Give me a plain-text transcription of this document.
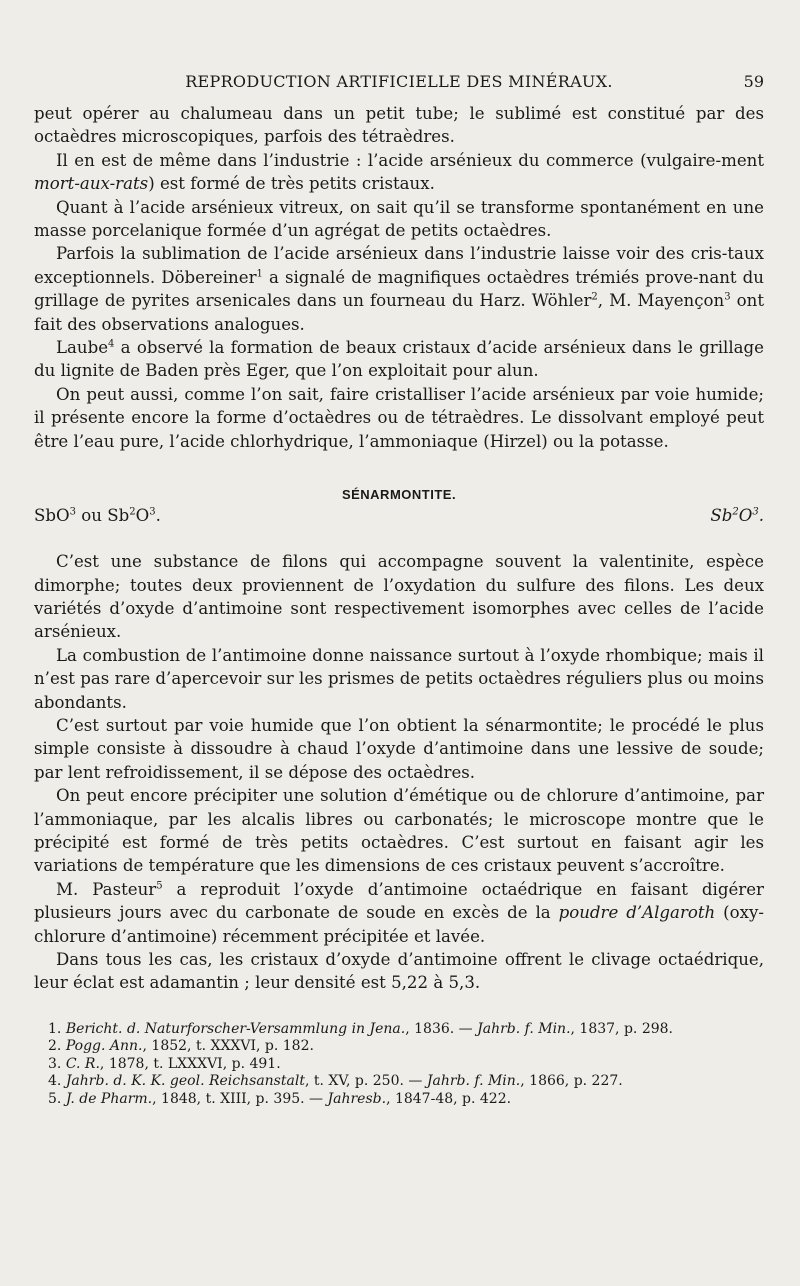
REPRODUCTION ARTIFICIELLE DES MINÉRAUX.	59

peut opérer au chalumeau dans un petit tube; le sublimé est constitué par des octaèdres microscopiques, parfois des tétraèdres.

Il en est de même dans l’industrie : l’acide arsénieux du commerce (vulgaire-ment mort-aux-rats) est formé de très petits cristaux.

Quant à l’acide arsénieux vitreux, on sait qu’il se transforme spontanément en une masse porcelanique formée d’un agrégat de petits octaèdres.

Parfois la sublimation de l’acide arsénieux dans l’industrie laisse voir des cris-taux exceptionnels. Döbereiner$^1$ a signalé de magnifiques octaèdres trémiés prove-nant du grillage de pyrites arsenicales dans un fourneau du Harz. Wöhler$^2$, M. Mayençon$^3$ ont fait des observations analogues.

Laube$^4$ a observé la formation de beaux cristaux d’acide arsénieux dans le grillage du lignite de Baden près Eger, que l’on exploitait pour alun.

On peut aussi, comme l’on sait, faire cristalliser l’acide arsénieux par voie humide; il présente encore la forme d’octaèdres ou de tétraèdres. Le dissolvant employé peut être l’eau pure, l’acide chlorhydrique, l’ammoniaque (Hirzel) ou la potasse.

SÉNARMONTITE.
SbO$^3$ ou $Sb^2O^3$.	$Sb^2O^3$.

C’est une substance de filons qui accompagne souvent la valentinite, espèce dimorphe; toutes deux proviennent de l’oxydation du sulfure des filons. Les deux variétés d’oxyde d’antimoine sont respectivement isomorphes avec celles de l’acide arsénieux.

La combustion de l’antimoine donne naissance surtout à l’oxyde rhombique; mais il n’est pas rare d’apercevoir sur les prismes de petits octaèdres réguliers plus ou moins abondants.

C’est surtout par voie humide que l’on obtient la sénarmontite; le procédé le plus simple consiste à dissoudre à chaud l’oxyde d’antimoine dans une lessive de soude; par lent refroidissement, il se dépose des octaèdres.

On peut encore précipiter une solution d’émétique ou de chlorure d’antimoine, par l’ammoniaque, par les alcalis libres ou carbonatés; le microscope montre que le précipité est formé de très petits octaèdres. C’est surtout en faisant agir les variations de température que les dimensions de ces cristaux peuvent s’accroître.

M. Pasteur$^5$ a reproduit l’oxyde d’antimoine octaédrique en faisant digérer plusieurs jours avec du carbonate de soude en excès de la poudre d’Algaroth (oxy-chlorure d’antimoine) récemment précipitée et lavée.

Dans tous les cas, les cristaux d’oxyde d’antimoine offrent le clivage octaédrique, leur éclat est adamantin ; leur densité est 5,22 à 5,3.

1. Bericht. d. Naturforscher-Versammlung in Jena., 1836. — Jahrb. f. Min., 1837, p. 298.

2. Pogg. Ann., 1852, t. XXXVI, p. 182.

3. C. R., 1878, t. LXXXVI, p. 491.

4. Jahrb. d. K. K. geol. Reichsanstalt, t. XV, p. 250. — Jahrb. f. Min., 1866, p. 227.

5. J. de Pharm., 1848, t. XIII, p. 395. — Jahresb., 1847-48, p. 422.
